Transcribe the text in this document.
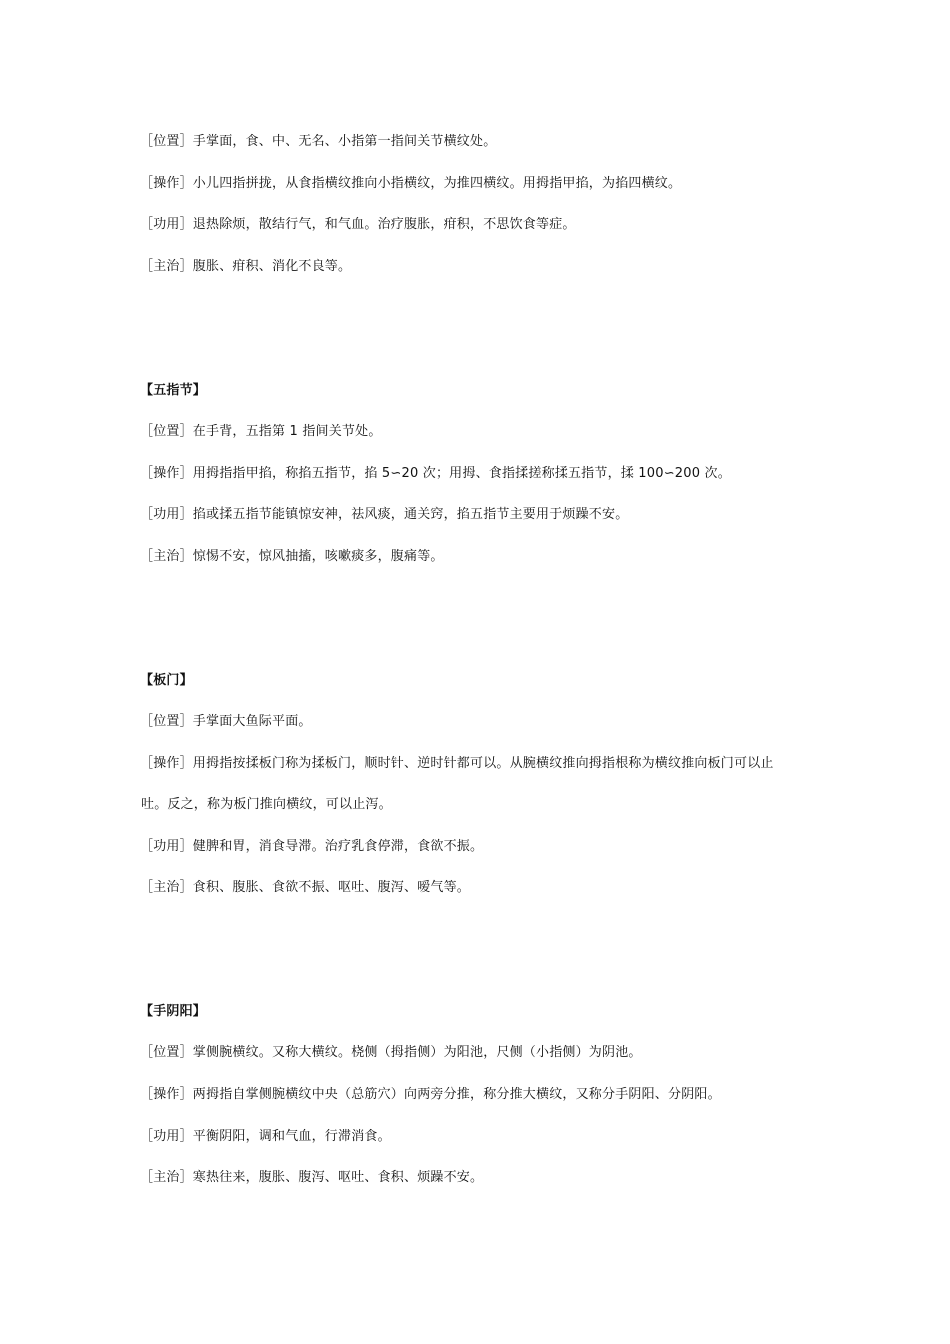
［位置］手掌面，食、中、无名、小指第一指间关节横纹处。
［操作］小儿四指拼拢，从食指横纹推向小指横纹，为推四横纹。用拇指甲掐，为掐四横纹。
［功用］退热除烦，散结行气，和气血。治疗腹胀，疳积，不思饮食等症。
［主治］腹胀、疳积、消化不良等。
【五指节】
［位置］在手背，五指第 1 指间关节处。
［操作］用拇指指甲掐，称掐五指节，掐 5∽20 次；用拇、食指揉搓称揉五指节，揉 100∽200 次。
［功用］掐或揉五指节能镇惊安神，祛风痰，通关窍，掐五指节主要用于烦躁不安。
［主治］惊惕不安，惊风抽搐，咳嗽痰多，腹痛等。
【板门】
［位置］手掌面大鱼际平面。
［操作］用拇指按揉板门称为揉板门，顺时针、逆时针都可以。从腕横纹推向拇指根称为横纹推向板门可以止
吐。反之，称为板门推向横纹，可以止泻。
［功用］健脾和胃，消食导滞。治疗乳食停滞，食欲不振。
［主治］食积、腹胀、食欲不振、呕吐、腹泻、嗳气等。
【手阴阳】
［位置］掌侧腕横纹。又称大横纹。桡侧（拇指侧）为阳池，尺侧（小指侧）为阴池。
［操作］两拇指自掌侧腕横纹中央（总筋穴）向两旁分推，称分推大横纹，又称分手阴阳、分阴阳。
［功用］平衡阴阳，调和气血，行滞消食。
［主治］寒热往来，腹胀、腹泻、呕吐、食积、烦躁不安。
